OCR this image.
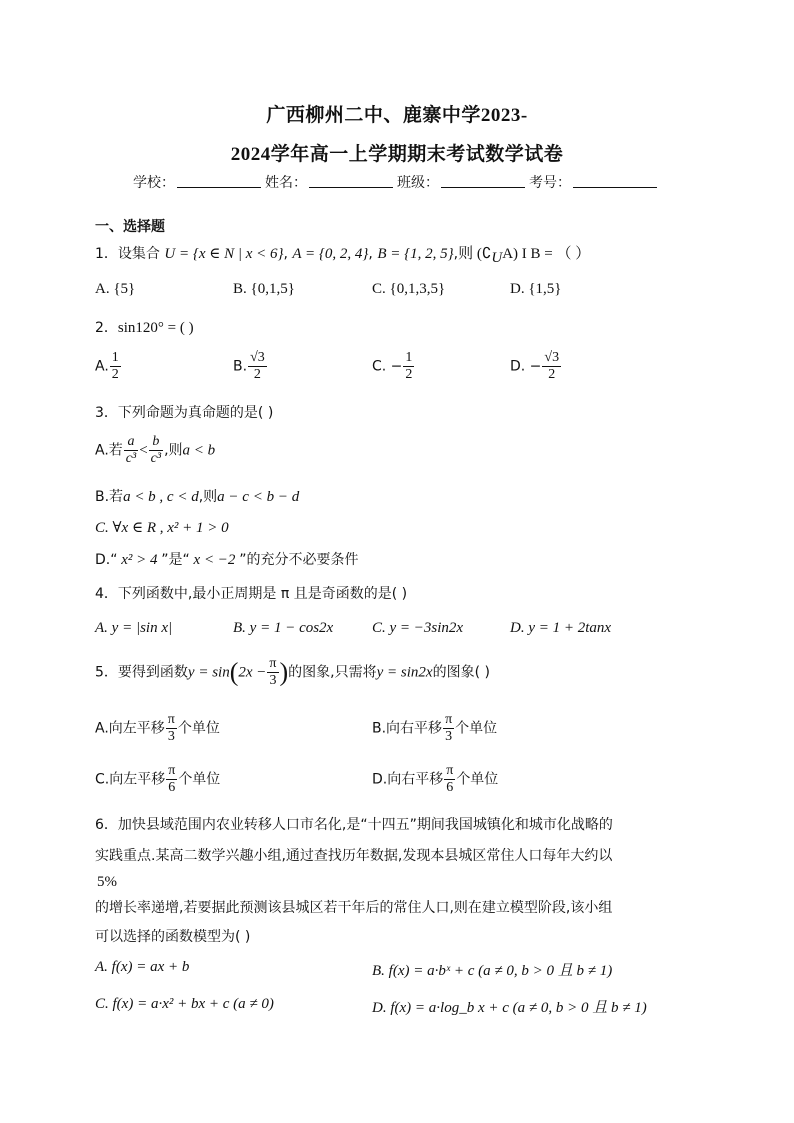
广西柳州二中、鹿寨中学2023-
2024学年高一上学期期末考试数学试卷
学校：	姓名：	班级：	考号：
一、选择题
1．设集合 U = {x ∈ N | x < 6}, A = {0, 2, 4}, B = {1, 2, 5},则 $(∁_UA)$ I B = （ ）
A. {5}	B. {0,1,5}	C. {0,1,3,5}	D. {1,5}
2．sin120° = ( )
A. $\frac{1}{2}$	B. $\frac{√3}{2}$	C. − $\frac{1}{2}$	D. − $\frac{√3}{2}$
3．下列命题为真命题的是( )
A.若 $\frac{a}{\text{c³}} < \frac{b}{\text{c³}}$ ,则a < b
B.若a < b , c < d,则a − c < b − d
C. ∀x ∈ R , x² + 1 > 0
D.“ x² > 4 ”是“ x < −2 ”的充分不必要条件
4．下列函数中,最小正周期是 π 且是奇函数的是( )
A. y = |sin x|	B. y = 1 − cos2x	C. y = −3sin2x	D. y = 1 + 2tanx
5．要得到函数$y = \sin(2x - \frac{\pi}{3}$ )的图象,只需将y = sin2x的图象( )
A.向左平移 $\frac{\pi}{3}$ 个单位	B.向右平移 $\frac{\pi}{3}$ 个单位
C.向左平移 $\frac{\pi}{6}$ 个单位	D.向右平移 $\frac{\pi}{6}$ 个单位
6．加快县域范围内农业转移人口市名化,是“十四五”期间我国城镇化和城市化战略的
实践重点.某高二数学兴趣小组,通过查找历年数据,发现本县城区常住人口每年大约以
5%
的增长率递增,若要据此预测该县城区若干年后的常住人口,则在建立模型阶段,该小组
可以选择的函数模型为( )
A. f(x) = ax + b	B. f(x) = a·bˣ + c (a ≠ 0, b > 0 且 b ≠ 1)
C. f(x) = a·x² + bx + c (a ≠ 0)	D. f(x) = a·log_b x + c (a ≠ 0, b > 0 且 b ≠ 1)
